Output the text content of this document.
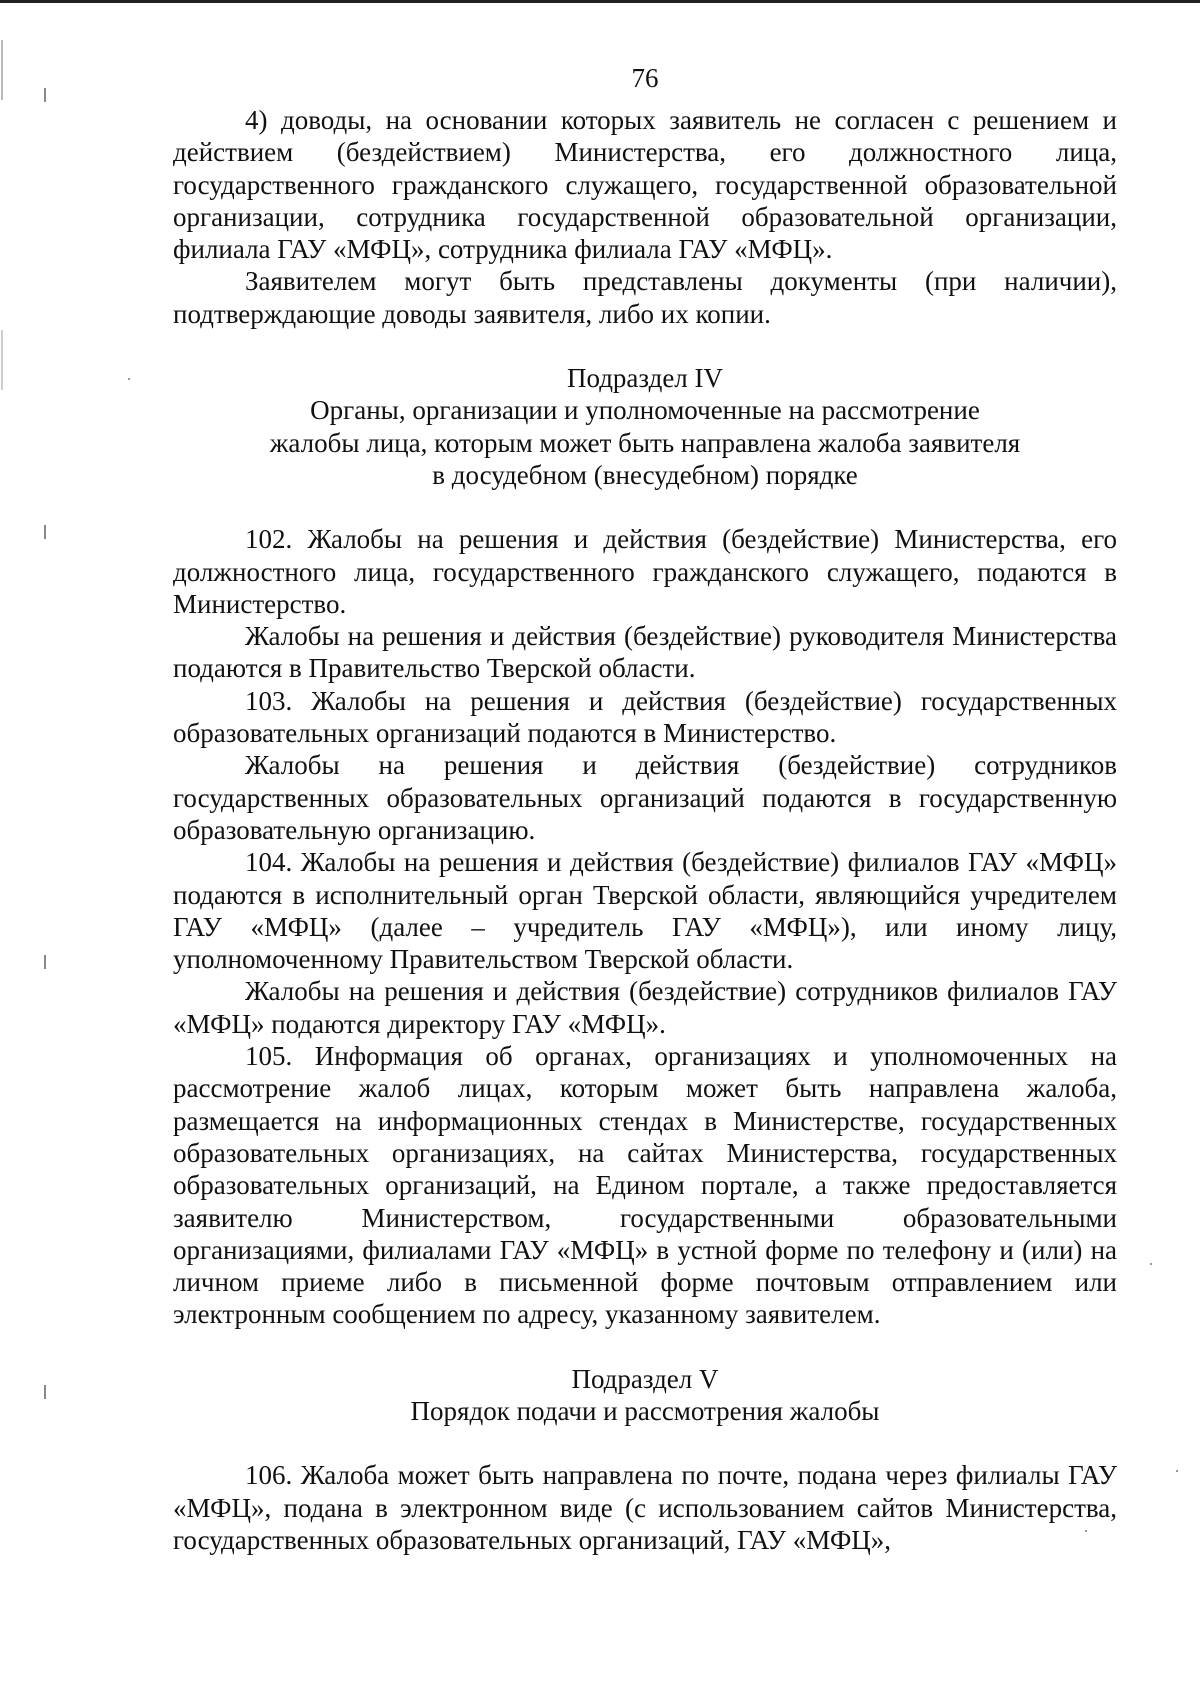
76

4) доводы, на основании которых заявитель не согласен с решением и действием (бездействием) Министерства, его должностного лица, государственного гражданского служащего, государственной образовательной организации, сотрудника государственной образовательной организации, филиала ГАУ «МФЦ», сотрудника филиала ГАУ «МФЦ».

Заявителем могут быть представлены документы (при наличии), подтверждающие доводы заявителя, либо их копии.

Подраздел IV
Органы, организации и уполномоченные на рассмотрение
жалобы лица, которым может быть направлена жалоба заявителя
в досудебном (внесудебном) порядке

102. Жалобы на решения и действия (бездействие) Министерства, его должностного лица, государственного гражданского служащего, подаются в Министерство.

Жалобы на решения и действия (бездействие) руководителя Министерства подаются в Правительство Тверской области.

103. Жалобы на решения и действия (бездействие) государственных образовательных организаций подаются в Министерство.

Жалобы на решения и действия (бездействие) сотрудников государственных образовательных организаций подаются в государственную образовательную организацию.

104. Жалобы на решения и действия (бездействие) филиалов ГАУ «МФЦ» подаются в исполнительный орган Тверской области, являющийся учредителем ГАУ «МФЦ» (далее – учредитель ГАУ «МФЦ»), или иному лицу, уполномоченному Правительством Тверской области.

Жалобы на решения и действия (бездействие) сотрудников филиалов ГАУ «МФЦ» подаются директору ГАУ «МФЦ».

105. Информация об органах, организациях и уполномоченных на рассмотрение жалоб лицах, которым может быть направлена жалоба, размещается на информационных стендах в Министерстве, государственных образовательных организациях, на сайтах Министерства, государственных образовательных организаций, на Едином портале, а также предоставляется заявителю Министерством, государственными образовательными организациями, филиалами ГАУ «МФЦ» в устной форме по телефону и (или) на личном приеме либо в письменной форме почтовым отправлением или электронным сообщением по адресу, указанному заявителем.

Подраздел V
Порядок подачи и рассмотрения жалобы

106. Жалоба может быть направлена по почте, подана через филиалы ГАУ «МФЦ», подана в электронном виде (с использованием сайтов Министерства, государственных образовательных организаций, ГАУ «МФЦ»,
